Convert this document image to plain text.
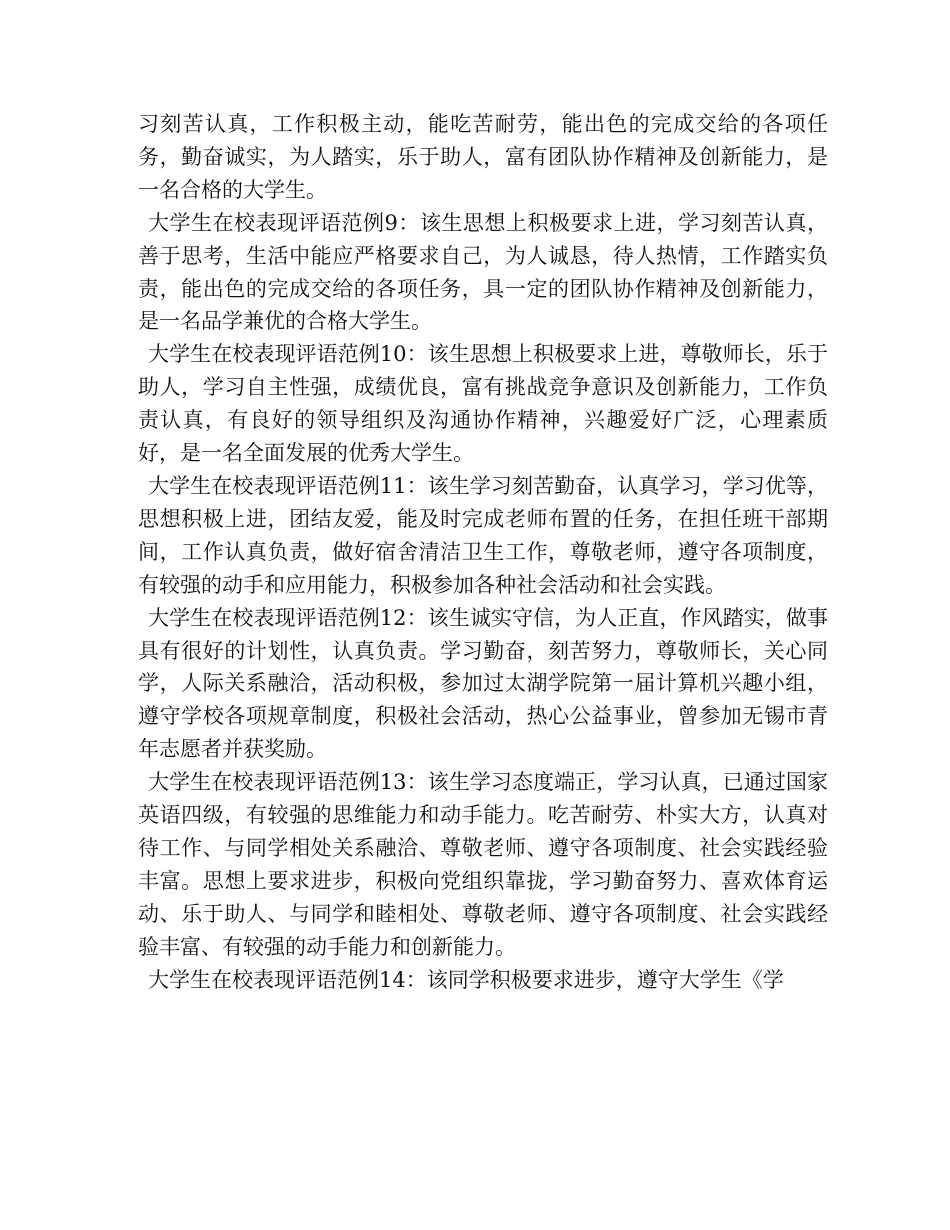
习刻苦认真，工作积极主动，能吃苦耐劳，能出色的完成交给的各项任务，勤奋诚实，为人踏实，乐于助人，富有团队协作精神及创新能力，是一名合格的大学生。

大学生在校表现评语范例9：该生思想上积极要求上进，学习刻苦认真，善于思考，生活中能应严格要求自己，为人诚恳，待人热情，工作踏实负责，能出色的完成交给的各项任务，具一定的团队协作精神及创新能力，是一名品学兼优的合格大学生。

大学生在校表现评语范例10：该生思想上积极要求上进，尊敬师长，乐于助人，学习自主性强，成绩优良，富有挑战竞争意识及创新能力，工作负责认真，有良好的领导组织及沟通协作精神，兴趣爱好广泛，心理素质好，是一名全面发展的优秀大学生。

大学生在校表现评语范例11：该生学习刻苦勤奋，认真学习，学习优等，思想积极上进，团结友爱，能及时完成老师布置的任务，在担任班干部期间，工作认真负责，做好宿舍清洁卫生工作，尊敬老师，遵守各项制度，有较强的动手和应用能力，积极参加各种社会活动和社会实践。

大学生在校表现评语范例12：该生诚实守信，为人正直，作风踏实，做事具有很好的计划性，认真负责。学习勤奋，刻苦努力，尊敬师长，关心同学，人际关系融洽，活动积极，参加过太湖学院第一届计算机兴趣小组，遵守学校各项规章制度，积极社会活动，热心公益事业，曾参加无锡市青年志愿者并获奖励。

大学生在校表现评语范例13：该生学习态度端正，学习认真，已通过国家英语四级，有较强的思维能力和动手能力。吃苦耐劳、朴实大方，认真对待工作、与同学相处关系融洽、尊敬老师、遵守各项制度、社会实践经验丰富。思想上要求进步，积极向党组织靠拢，学习勤奋努力、喜欢体育运动、乐于助人、与同学和睦相处、尊敬老师、遵守各项制度、社会实践经验丰富、有较强的动手能力和创新能力。

大学生在校表现评语范例14：该同学积极要求进步，遵守大学生《学
